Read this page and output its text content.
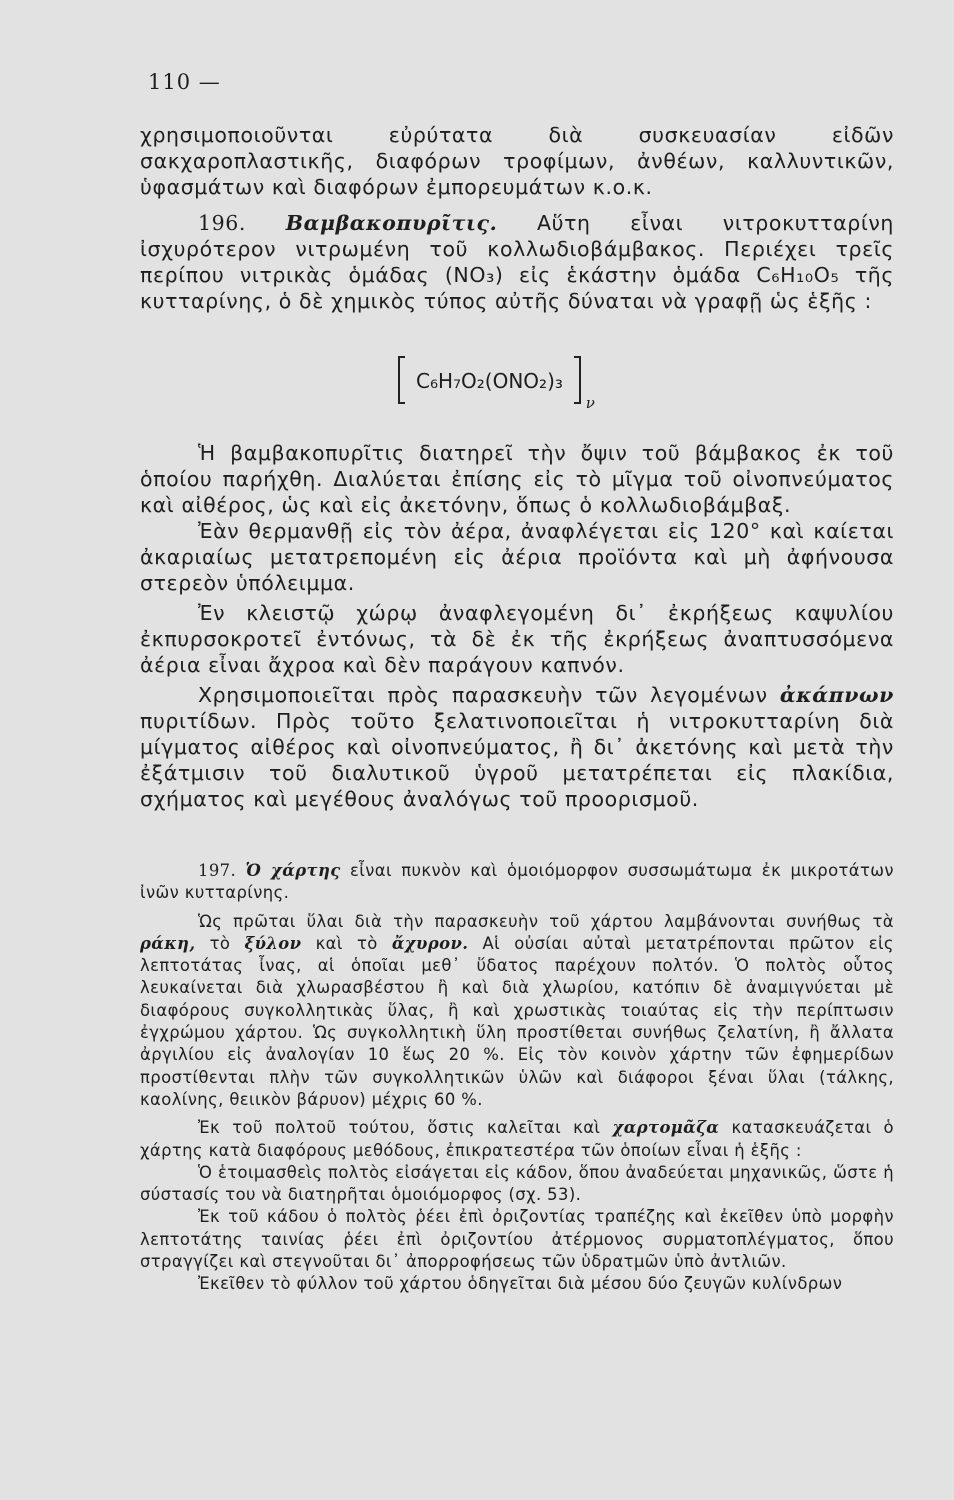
110 —

χρησιμοποιοῦνται εὐρύτατα διὰ συσκευασίαν εἰδῶν σακχαροπλαστικῆς, διαφόρων τροφίμων, ἀνθέων, καλλυντικῶν, ὑφασμάτων καὶ διαφόρων ἐμπορευμάτων κ.ο.κ.

196. Βαμβακοπυρῖτις. Αὕτη εἶναι νιτροκυτταρίνη ἰσχυρότερον νιτρωμένη τοῦ κολλωδιοβάμβακος. Περιέχει τρεῖς περίπου νιτρικὰς ὁμάδας (NO₃) εἰς ἑκάστην ὁμάδα C₆H₁₀O₅ τῆς κυτταρίνης, ὁ δὲ χημικὸς τύπος αὐτῆς δύναται νὰ γραφῇ ὡς ἑξῆς :

C₆H₇O₂(ONO₂)₃
ν

Ἡ βαμβακοπυρῖτις διατηρεῖ τὴν ὄψιν τοῦ βάμβακος ἐκ τοῦ ὁποίου παρήχθη. Διαλύεται ἐπίσης εἰς τὸ μῖγμα τοῦ οἰνοπνεύματος καὶ αἰθέρος, ὡς καὶ εἰς ἀκετόνην, ὅπως ὁ κολλωδιοβάμβαξ.

Ἐὰν θερμανθῇ εἰς τὸν ἀέρα, ἀναφλέγεται εἰς 120° καὶ καίεται ἀκαριαίως μετατρεπομένη εἰς ἀέρια προϊόντα καὶ μὴ ἀφήνουσα στερεὸν ὑπόλειμμα.

Ἐν κλειστῷ χώρῳ ἀναφλεγομένη δι᾿ ἐκρήξεως καψυλίου ἐκπυρσοκροτεῖ ἐντόνως, τὰ δὲ ἐκ τῆς ἐκρήξεως ἀναπτυσσόμενα ἀέρια εἶναι ἄχροα καὶ δὲν παράγουν καπνόν.

Χρησιμοποιεῖται πρὸς παρασκευὴν τῶν λεγομένων ἀκάπνων πυριτίδων. Πρὸς τοῦτο ξελατινοποιεῖται ἡ νιτροκυτταρίνη διὰ μίγματος αἰθέρος καὶ οἰνοπνεύματος, ἢ δι᾿ ἀκετόνης καὶ μετὰ τὴν ἐξάτμισιν τοῦ διαλυτικοῦ ὑγροῦ μετατρέπεται εἰς πλακίδια, σχήματος καὶ μεγέθους ἀναλόγως τοῦ προορισμοῦ.

197. Ὁ χάρτης εἶναι πυκνὸν καὶ ὁμοιόμορφον συσσωμάτωμα ἐκ μικροτάτων ἰνῶν κυτταρίνης.

Ὡς πρῶται ὕλαι διὰ τὴν παρασκευὴν τοῦ χάρτου λαμβάνονται συνήθως τὰ ράκη, τὸ ξύλον καὶ τὸ ἄχυρον. Αἱ οὐσίαι αὐταὶ μετατρέπονται πρῶτον εἰς λεπτοτάτας ἶνας, αἱ ὁποῖαι μεθ᾿ ὕδατος παρέχουν πολτόν. Ὁ πολτὸς οὗτος λευκαίνεται διὰ χλωρασβέστου ἢ καὶ διὰ χλωρίου, κατόπιν δὲ ἀναμιγνύεται μὲ διαφόρους συγκολλητικὰς ὕλας, ἢ καὶ χρωστικὰς τοιαύτας εἰς τὴν περίπτωσιν ἐγχρώμου χάρτου. Ὡς συγκολλητικὴ ὕλη προστίθεται συνήθως ζελατίνη, ἢ ἄλλατα ἀργιλίου εἰς ἀναλογίαν 10 ἕως 20 %. Εἰς τὸν κοινὸν χάρτην τῶν ἐφημερίδων προστίθενται πλὴν τῶν συγκολλητικῶν ὑλῶν καὶ διάφοροι ξέναι ὕλαι (τάλκης, καολίνης, θειικὸν βάρυον) μέχρις 60 %.

Ἐκ τοῦ πολτοῦ τούτου, ὅστις καλεῖται καὶ χαρτομᾶζα κατασκευάζεται ὁ χάρτης κατὰ διαφόρους μεθόδους, ἐπικρατεστέρα τῶν ὁποίων εἶναι ἡ ἑξῆς :

Ὁ ἑτοιμασθεὶς πολτὸς εἰσάγεται εἰς κάδον, ὅπου ἀναδεύεται μηχανικῶς, ὥστε ἡ σύστασίς του νὰ διατηρῆται ὁμοιόμορφος (σχ. 53).

Ἐκ τοῦ κάδου ὁ πολτὸς ῥέει ἐπὶ ὀριζοντίας τραπέζης καὶ ἐκεῖθεν ὑπὸ μορφὴν λεπτοτάτης ταινίας ῥέει ἐπὶ ὀριζοντίου ἀτέρμονος συρματοπλέγματος, ὅπου στραγγίζει καὶ στεγνοῦται δι᾿ ἀπορροφήσεως τῶν ὑδρατμῶν ὑπὸ ἀντλιῶν.

Ἐκεῖθεν τὸ φύλλον τοῦ χάρτου ὁδηγεῖται διὰ μέσου δύο ζευγῶν κυλίνδρων
